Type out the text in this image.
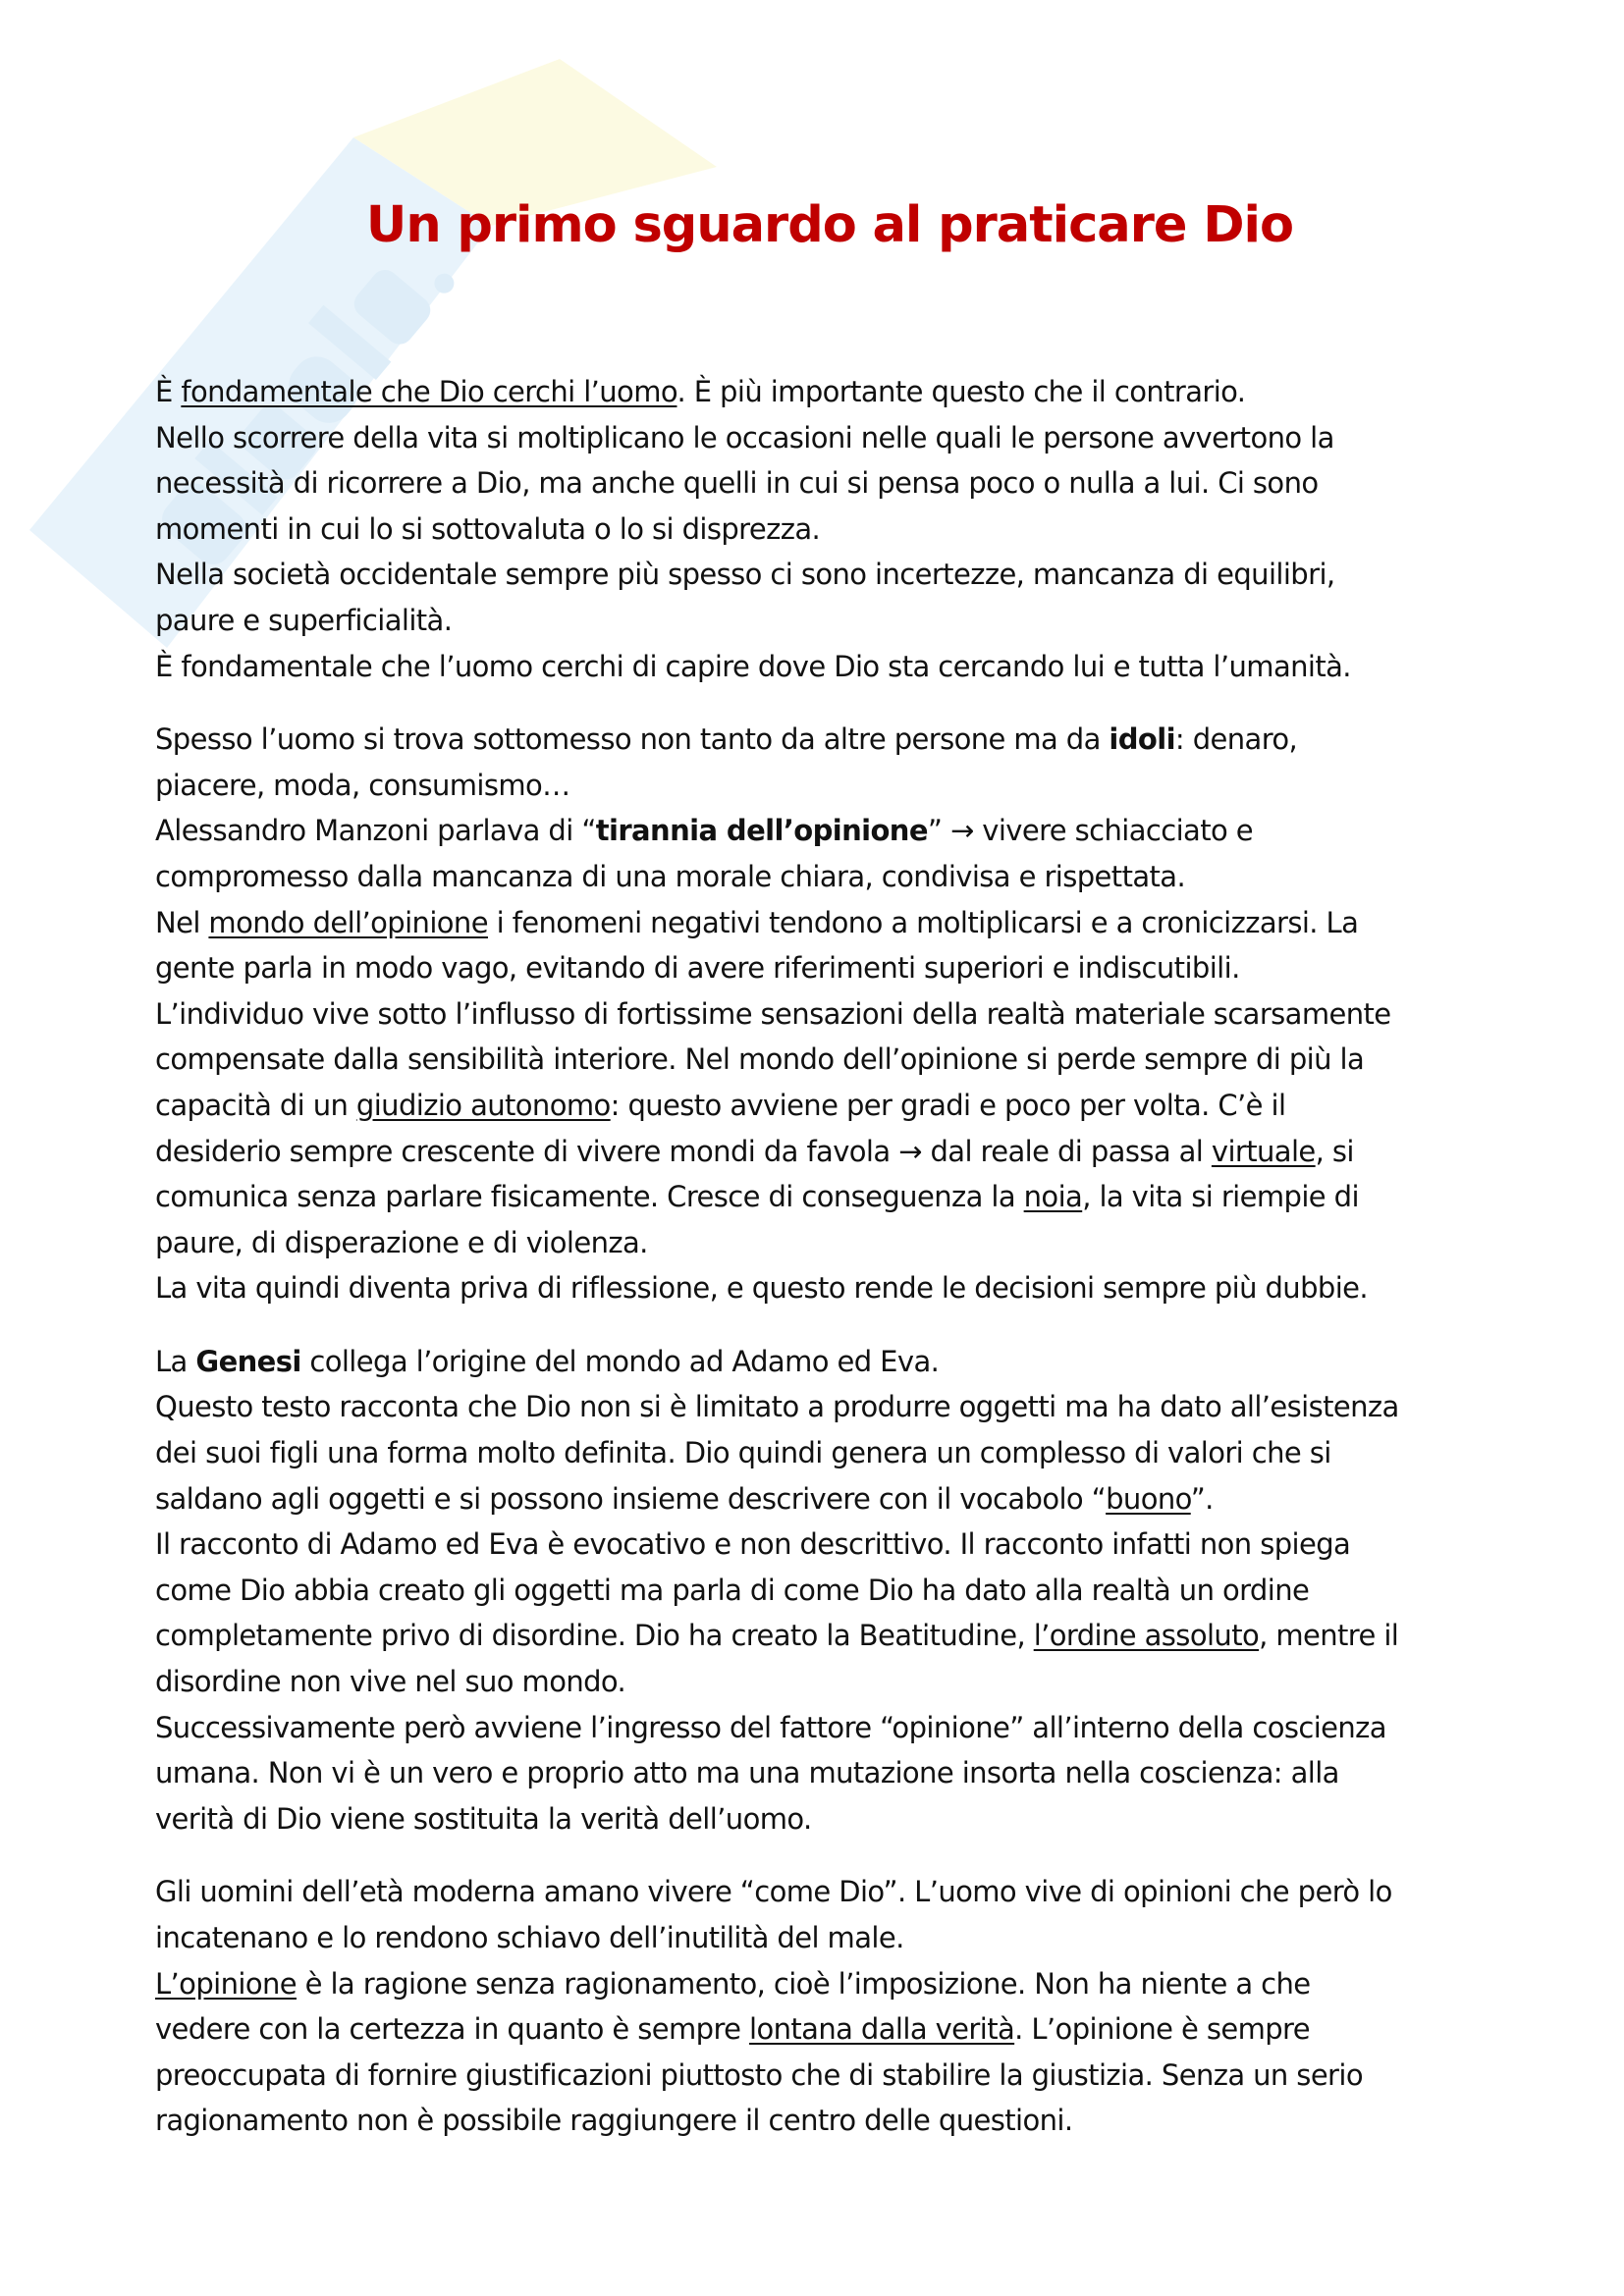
Un primo sguardo al praticare Dio
È fondamentale che Dio cerchi l’uomo. È più importante questo che il contrario.
Nello scorrere della vita si moltiplicano le occasioni nelle quali le persone avvertono la
necessità di ricorrere a Dio, ma anche quelli in cui si pensa poco o nulla a lui. Ci sono
momenti in cui lo si sottovaluta o lo si disprezza.
Nella società occidentale sempre più spesso ci sono incertezze, mancanza di equilibri,
paure e superficialità.
È fondamentale che l’uomo cerchi di capire dove Dio sta cercando lui e tutta l’umanità.
Spesso l’uomo si trova sottomesso non tanto da altre persone ma da idoli: denaro,
piacere, moda, consumismo…
Alessandro Manzoni parlava di “tirannia dell’opinione” → vivere schiacciato e
compromesso dalla mancanza di una morale chiara, condivisa e rispettata.
Nel mondo dell’opinione i fenomeni negativi tendono a moltiplicarsi e a cronicizzarsi. La
gente parla in modo vago, evitando di avere riferimenti superiori e indiscutibili.
L’individuo vive sotto l’influsso di fortissime sensazioni della realtà materiale scarsamente
compensate dalla sensibilità interiore. Nel mondo dell’opinione si perde sempre di più la
capacità di un giudizio autonomo: questo avviene per gradi e poco per volta. C’è il
desiderio sempre crescente di vivere mondi da favola → dal reale di passa al virtuale, si
comunica senza parlare fisicamente. Cresce di conseguenza la noia, la vita si riempie di
paure, di disperazione e di violenza.
La vita quindi diventa priva di riflessione, e questo rende le decisioni sempre più dubbie.
La Genesi collega l’origine del mondo ad Adamo ed Eva.
Questo testo racconta che Dio non si è limitato a produrre oggetti ma ha dato all’esistenza
dei suoi figli una forma molto definita. Dio quindi genera un complesso di valori che si
saldano agli oggetti e si possono insieme descrivere con il vocabolo “buono”.
Il racconto di Adamo ed Eva è evocativo e non descrittivo. Il racconto infatti non spiega
come Dio abbia creato gli oggetti ma parla di come Dio ha dato alla realtà un ordine
completamente privo di disordine. Dio ha creato la Beatitudine, l’ordine assoluto, mentre il
disordine non vive nel suo mondo.
Successivamente però avviene l’ingresso del fattore “opinione” all’interno della coscienza
umana. Non vi è un vero e proprio atto ma una mutazione insorta nella coscienza: alla
verità di Dio viene sostituita la verità dell’uomo.
Gli uomini dell’età moderna amano vivere “come Dio”. L’uomo vive di opinioni che però lo
incatenano e lo rendono schiavo dell’inutilità del male.
L’opinione è la ragione senza ragionamento, cioè l’imposizione. Non ha niente a che
vedere con la certezza in quanto è sempre lontana dalla verità. L’opinione è sempre
preoccupata di fornire giustificazioni piuttosto che di stabilire la giustizia. Senza un serio
ragionamento non è possibile raggiungere il centro delle questioni.
